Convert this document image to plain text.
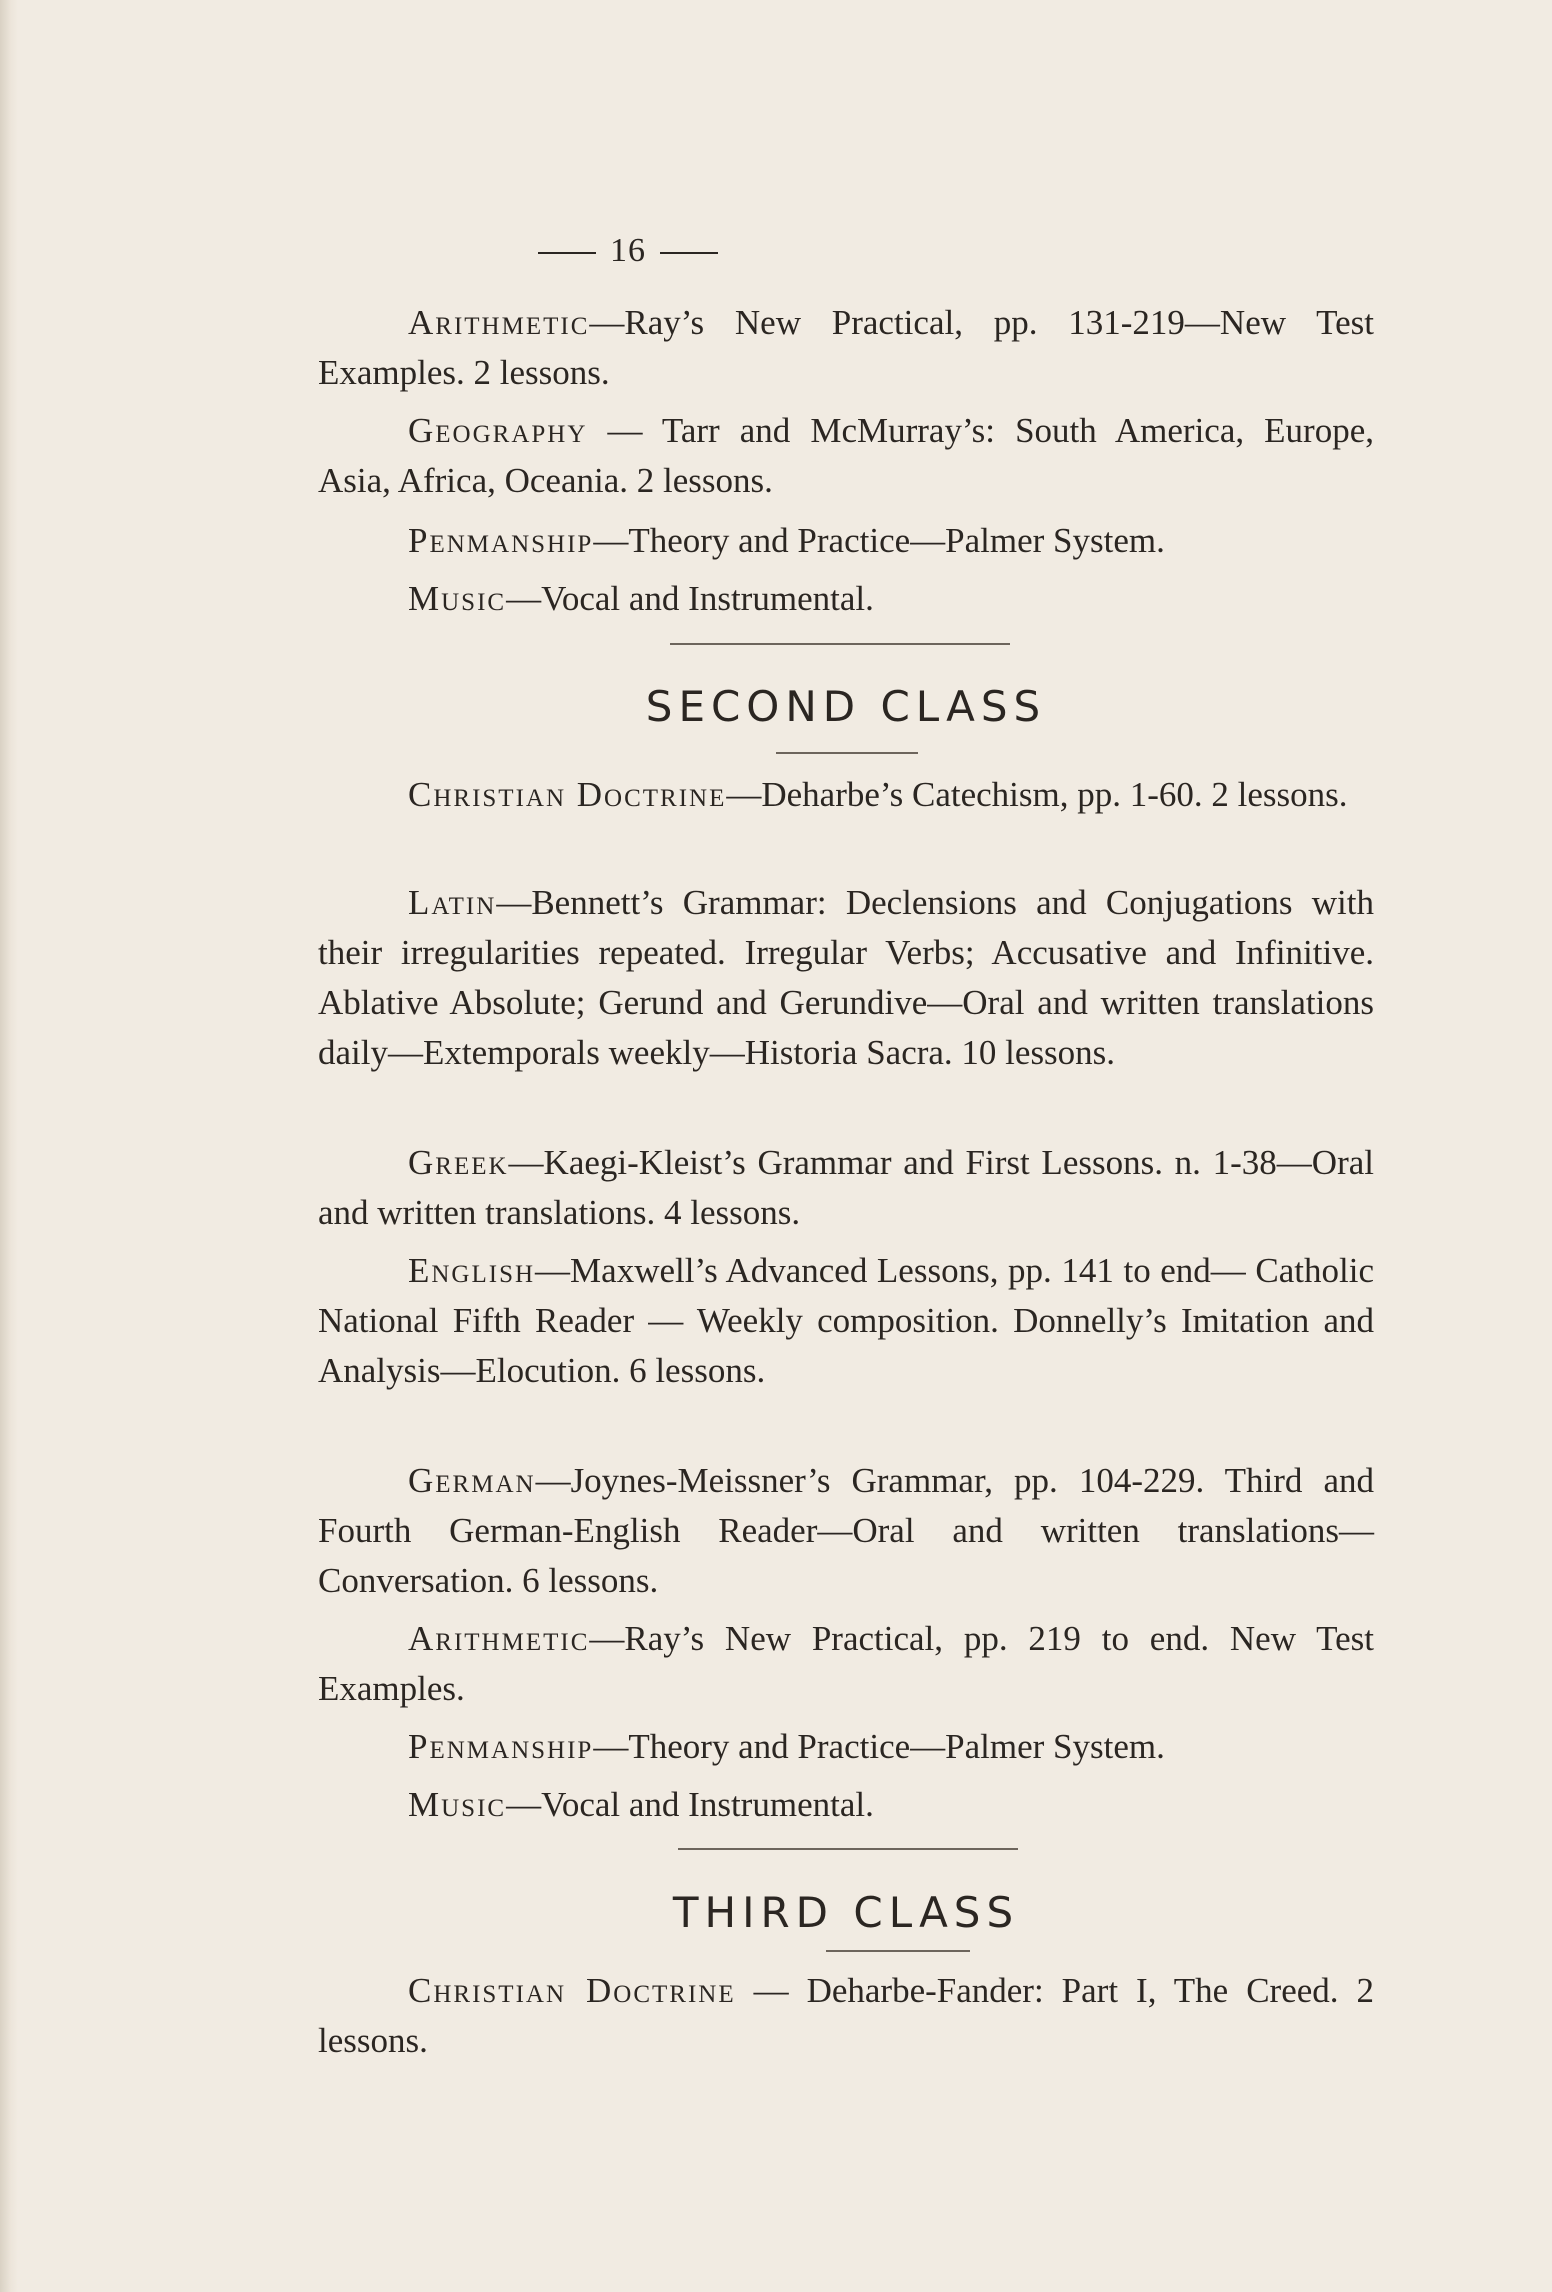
16

Arithmetic—Ray’s New Practical, pp. 131-219—New Test Examples. 2 lessons.

Geography — Tarr and McMurray’s: South America, Europe, Asia, Africa, Oceania. 2 lessons.

Penmanship—Theory and Practice—Palmer System.

Music—Vocal and Instrumental.

SECOND CLASS

Christian Doctrine—Deharbe’s Catechism, pp. 1-60. 2 lessons.

Latin—Bennett’s Grammar: Declensions and Conjugations with their irregularities repeated. Irregular Verbs; Accusative and Infinitive. Ablative Absolute; Gerund and Gerundive—Oral and written translations daily—Extemporals weekly—Historia Sacra. 10 lessons.

Greek—Kaegi-Kleist’s Grammar and First Lessons. n. 1-38—Oral and written translations. 4 lessons.

English—Maxwell’s Advanced Lessons, pp. 141 to end— Catholic National Fifth Reader — Weekly composition. Donnelly’s Imitation and Analysis—Elocution. 6 lessons.

German—Joynes-Meissner’s Grammar, pp. 104-229. Third and Fourth German-English Reader—Oral and written translations—Conversation. 6 lessons.

Arithmetic—Ray’s New Practical, pp. 219 to end. New Test Examples.

Penmanship—Theory and Practice—Palmer System.

Music—Vocal and Instrumental.

THIRD CLASS

Christian Doctrine — Deharbe-Fander: Part I, The Creed. 2 lessons.
